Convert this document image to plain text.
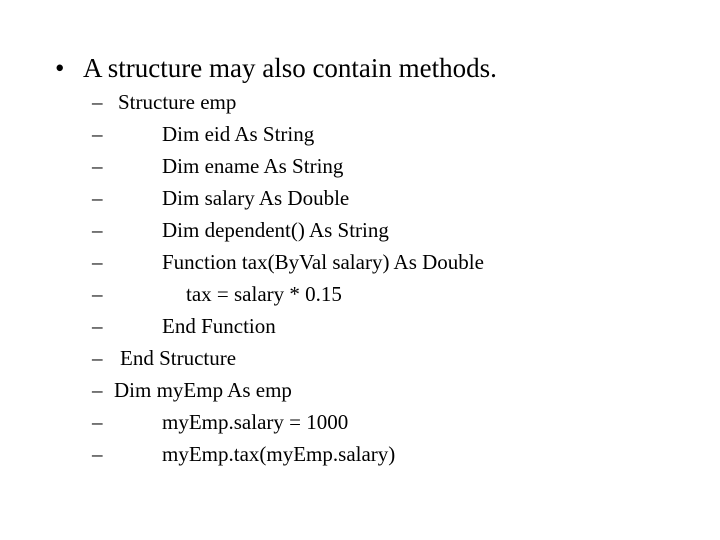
• A structure may also contain methods.
– Structure emp
–	Dim eid As String
–	Dim ename As String
–	Dim salary As Double
–	Dim dependent() As String
–	Function tax(ByVal salary) As Double
–	tax = salary * 0.15
–	End Function
– End Structure
– Dim myEmp As emp
–	myEmp.salary = 1000
–	myEmp.tax(myEmp.salary)
